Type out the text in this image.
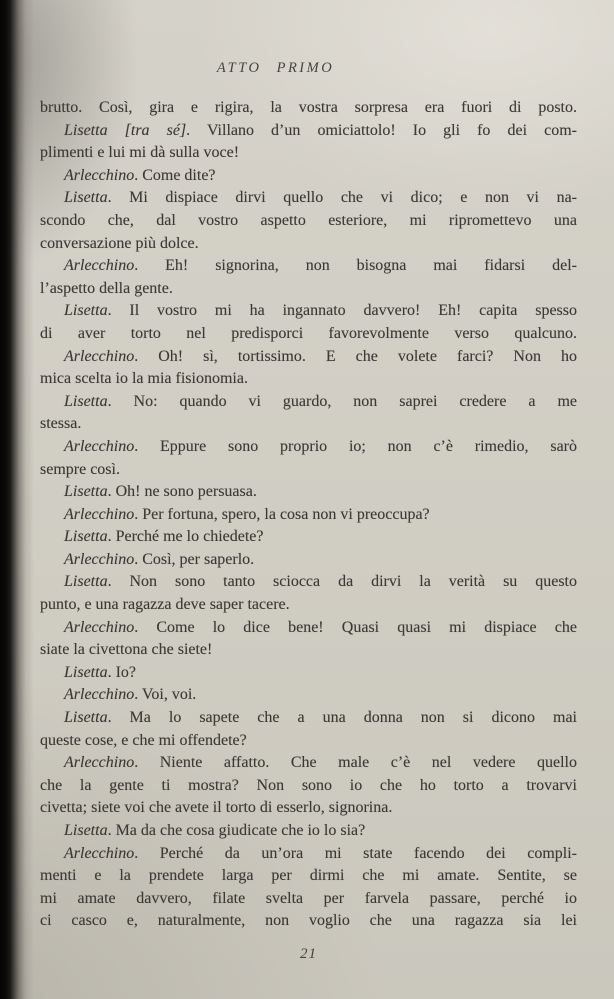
ATTO PRIMO
brutto. Così, gira e rigira, la vostra sorpresa era fuori di posto.
Lisetta [tra sé]. Villano d’un omiciattolo! Io gli fo dei com-
plimenti e lui mi dà sulla voce!
Arlecchino. Come dite?
Lisetta. Mi dispiace dirvi quello che vi dico; e non vi na-
scondo che, dal vostro aspetto esteriore, mi ripromettevo una
conversazione più dolce.
Arlecchino. Eh! signorina, non bisogna mai fidarsi del-
l’aspetto della gente.
Lisetta. Il vostro mi ha ingannato davvero! Eh! capita spesso
di aver torto nel predisporci favorevolmente verso qualcuno.
Arlecchino. Oh! sì, tortissimo. E che volete farci? Non ho
mica scelta io la mia fisionomia.
Lisetta. No: quando vi guardo, non saprei credere a me
stessa.
Arlecchino. Eppure sono proprio io; non c’è rimedio, sarò
sempre così.
Lisetta. Oh! ne sono persuasa.
Arlecchino. Per fortuna, spero, la cosa non vi preoccupa?
Lisetta. Perché me lo chiedete?
Arlecchino. Così, per saperlo.
Lisetta. Non sono tanto sciocca da dirvi la verità su questo
punto, e una ragazza deve saper tacere.
Arlecchino. Come lo dice bene! Quasi quasi mi dispiace che
siate la civettona che siete!
Lisetta. Io?
Arlecchino. Voi, voi.
Lisetta. Ma lo sapete che a una donna non si dicono mai
queste cose, e che mi offendete?
Arlecchino. Niente affatto. Che male c’è nel vedere quello
che la gente ti mostra? Non sono io che ho torto a trovarvi
civetta; siete voi che avete il torto di esserlo, signorina.
Lisetta. Ma da che cosa giudicate che io lo sia?
Arlecchino. Perché da un’ora mi state facendo dei compli-
menti e la prendete larga per dirmi che mi amate. Sentite, se
mi amate davvero, filate svelta per farvela passare, perché io
ci casco e, naturalmente, non voglio che una ragazza sia lei
21
